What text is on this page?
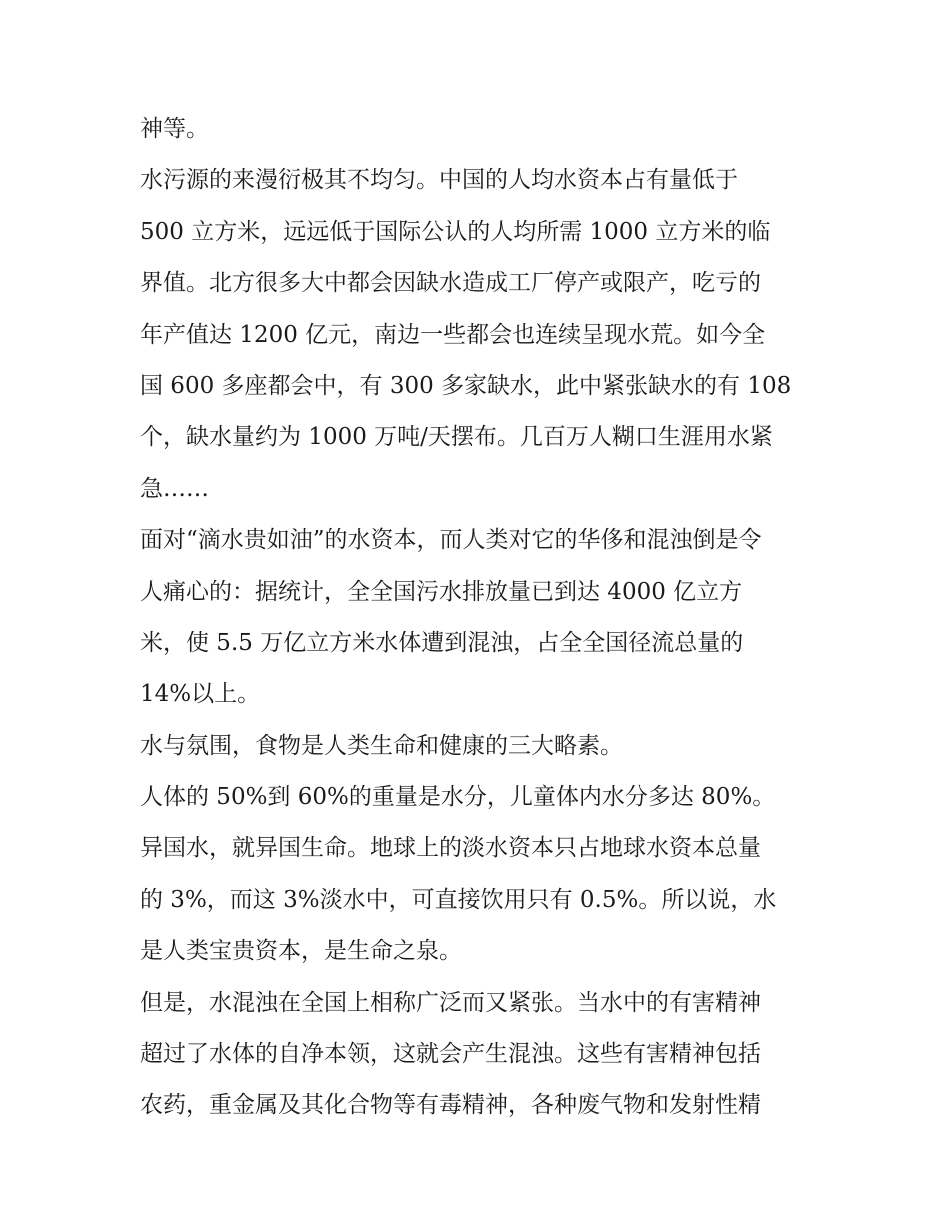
神等。
水污源的来漫衍极其不均匀。中国的人均水资本占有量低于
500 立方米，远远低于国际公认的人均所需 1000 立方米的临
界值。北方很多大中都会因缺水造成工厂停产或限产，吃亏的
年产值达 1200 亿元，南边一些都会也连续呈现水荒。如今全
国 600 多座都会中，有 300 多家缺水，此中紧张缺水的有 108
个，缺水量约为 1000 万吨/天摆布。几百万人糊口生涯用水紧
急……
面对“滴水贵如油”的水资本，而人类对它的华侈和混浊倒是令
人痛心的：据统计，全全国污水排放量已到达 4000 亿立方
米，使 5.5 万亿立方米水体遭到混浊，占全全国径流总量的
14%以上。
水与氛围，食物是人类生命和健康的三大略素。
人体的 50%到 60%的重量是水分，儿童体内水分多达 80%。
异国水，就异国生命。地球上的淡水资本只占地球水资本总量
的 3%，而这 3%淡水中，可直接饮用只有 0.5%。所以说，水
是人类宝贵资本，是生命之泉。
但是，水混浊在全国上相称广泛而又紧张。当水中的有害精神
超过了水体的自净本领，这就会产生混浊。这些有害精神包括
农药，重金属及其化合物等有毒精神，各种废气物和发射性精
